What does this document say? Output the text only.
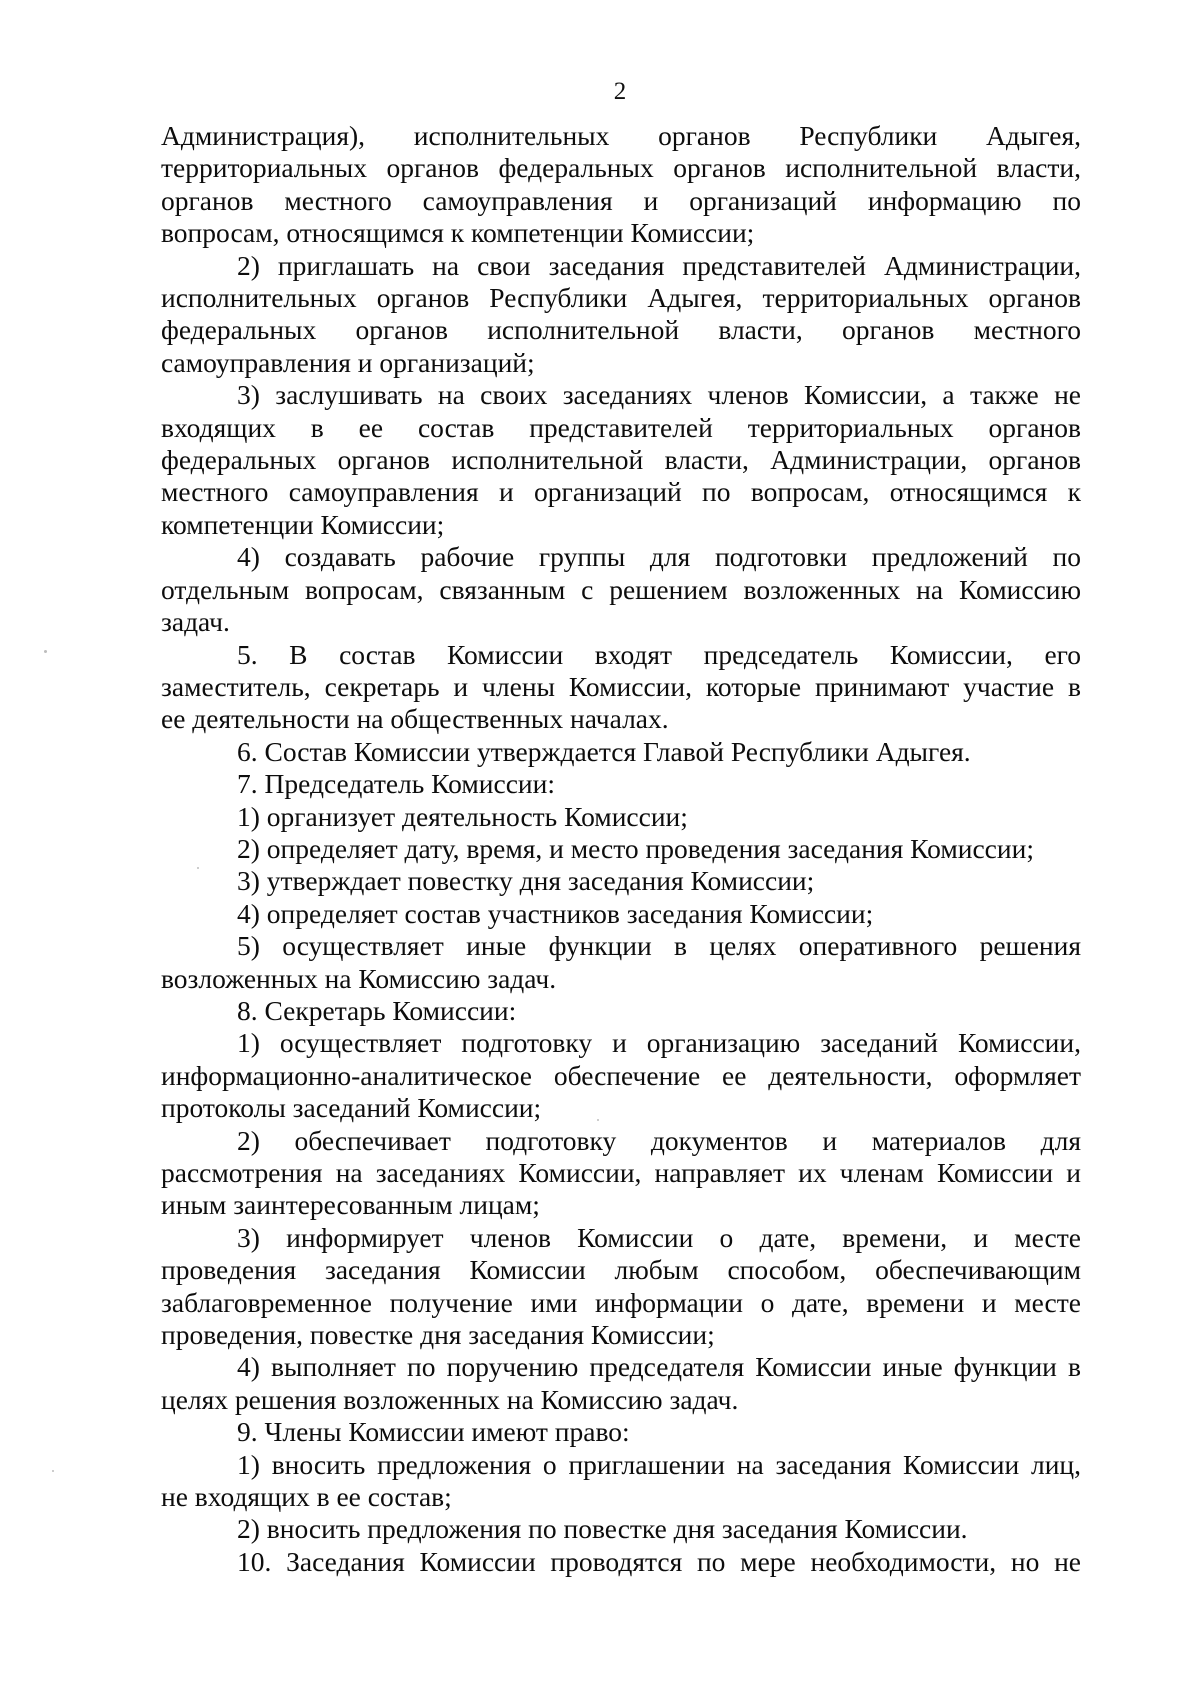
2
Администрация), исполнительных органов Республики Адыгея,
территориальных органов федеральных органов исполнительной власти,
органов местного самоуправления и организаций информацию по
вопросам, относящимся к компетенции Комиссии;
2) приглашать на свои заседания представителей Администрации,
исполнительных органов Республики Адыгея, территориальных органов
федеральных органов исполнительной власти, органов местного
самоуправления и организаций;
3) заслушивать на своих заседаниях членов Комиссии, а также не
входящих в ее состав представителей территориальных органов
федеральных органов исполнительной власти, Администрации, органов
местного самоуправления и организаций по вопросам, относящимся к
компетенции Комиссии;
4) создавать рабочие группы для подготовки предложений по
отдельным вопросам, связанным с решением возложенных на Комиссию
задач.
5. В состав Комиссии входят председатель Комиссии, его
заместитель, секретарь и члены Комиссии, которые принимают участие в
ее деятельности на общественных началах.
6. Состав Комиссии утверждается Главой Республики Адыгея.
7. Председатель Комиссии:
1) организует деятельность Комиссии;
2) определяет дату, время, и место проведения заседания Комиссии;
3) утверждает повестку дня заседания Комиссии;
4) определяет состав участников заседания Комиссии;
5) осуществляет иные функции в целях оперативного решения
возложенных на Комиссию задач.
8. Секретарь Комиссии:
1) осуществляет подготовку и организацию заседаний Комиссии,
информационно-аналитическое обеспечение ее деятельности, оформляет
протоколы заседаний Комиссии;
2) обеспечивает подготовку документов и материалов для
рассмотрения на заседаниях Комиссии, направляет их членам Комиссии и
иным заинтересованным лицам;
3) информирует членов Комиссии о дате, времени, и месте
проведения заседания Комиссии любым способом, обеспечивающим
заблаговременное получение ими информации о дате, времени и месте
проведения, повестке дня заседания Комиссии;
4) выполняет по поручению председателя Комиссии иные функции в
целях решения возложенных на Комиссию задач.
9. Члены Комиссии имеют право:
1) вносить предложения о приглашении на заседания Комиссии лиц,
не входящих в ее состав;
2) вносить предложения по повестке дня заседания Комиссии.
10. Заседания Комиссии проводятся по мере необходимости, но не
